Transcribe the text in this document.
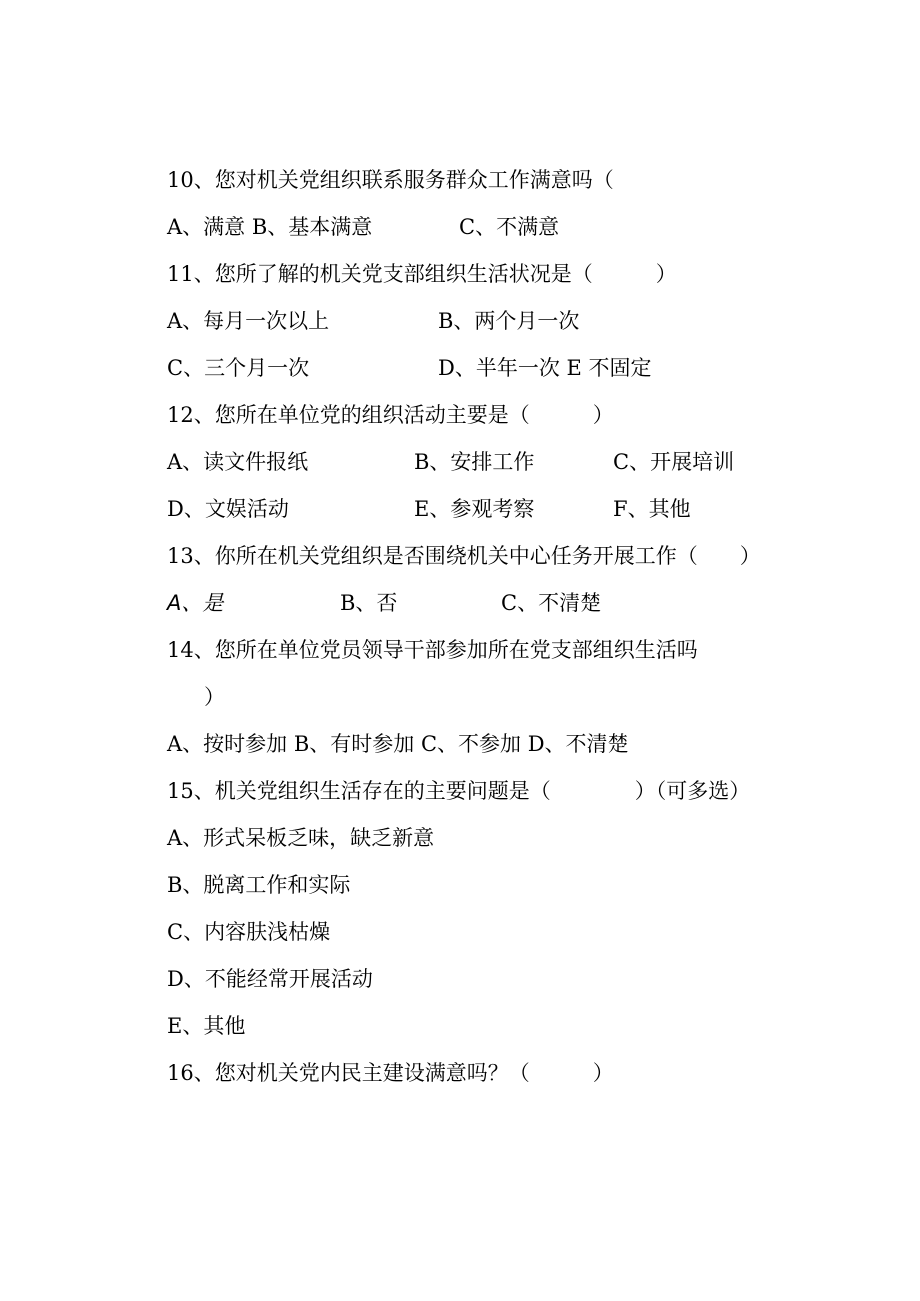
10、您对机关党组织联系服务群众工作满意吗（
A、满意 B、基本满意	C、不满意
11、您所了解的机关党支部组织生活状况是（　　　）
A、每月一次以上	B、两个月一次
C、三个月一次	D、半年一次 E 不固定
12、您所在单位党的组织活动主要是（　　　）
A、读文件报纸	B、安排工作	C、开展培训
D、文娱活动	E、参观考察	F、其他
13、你所在机关党组织是否围绕机关中心任务开展工作（　　）
A、是	B、否	C、不清楚
14、您所在单位党员领导干部参加所在党支部组织生活吗
）
A、按时参加 B、有时参加 C、不参加 D、不清楚
15、机关党组织生活存在的主要问题是（　　　　）（可多选）
A、形式呆板乏味，缺乏新意
B、脱离工作和实际
C、内容肤浅枯燥
D、不能经常开展活动
E、其他
16、您对机关党内民主建设满意吗？（　　　）
